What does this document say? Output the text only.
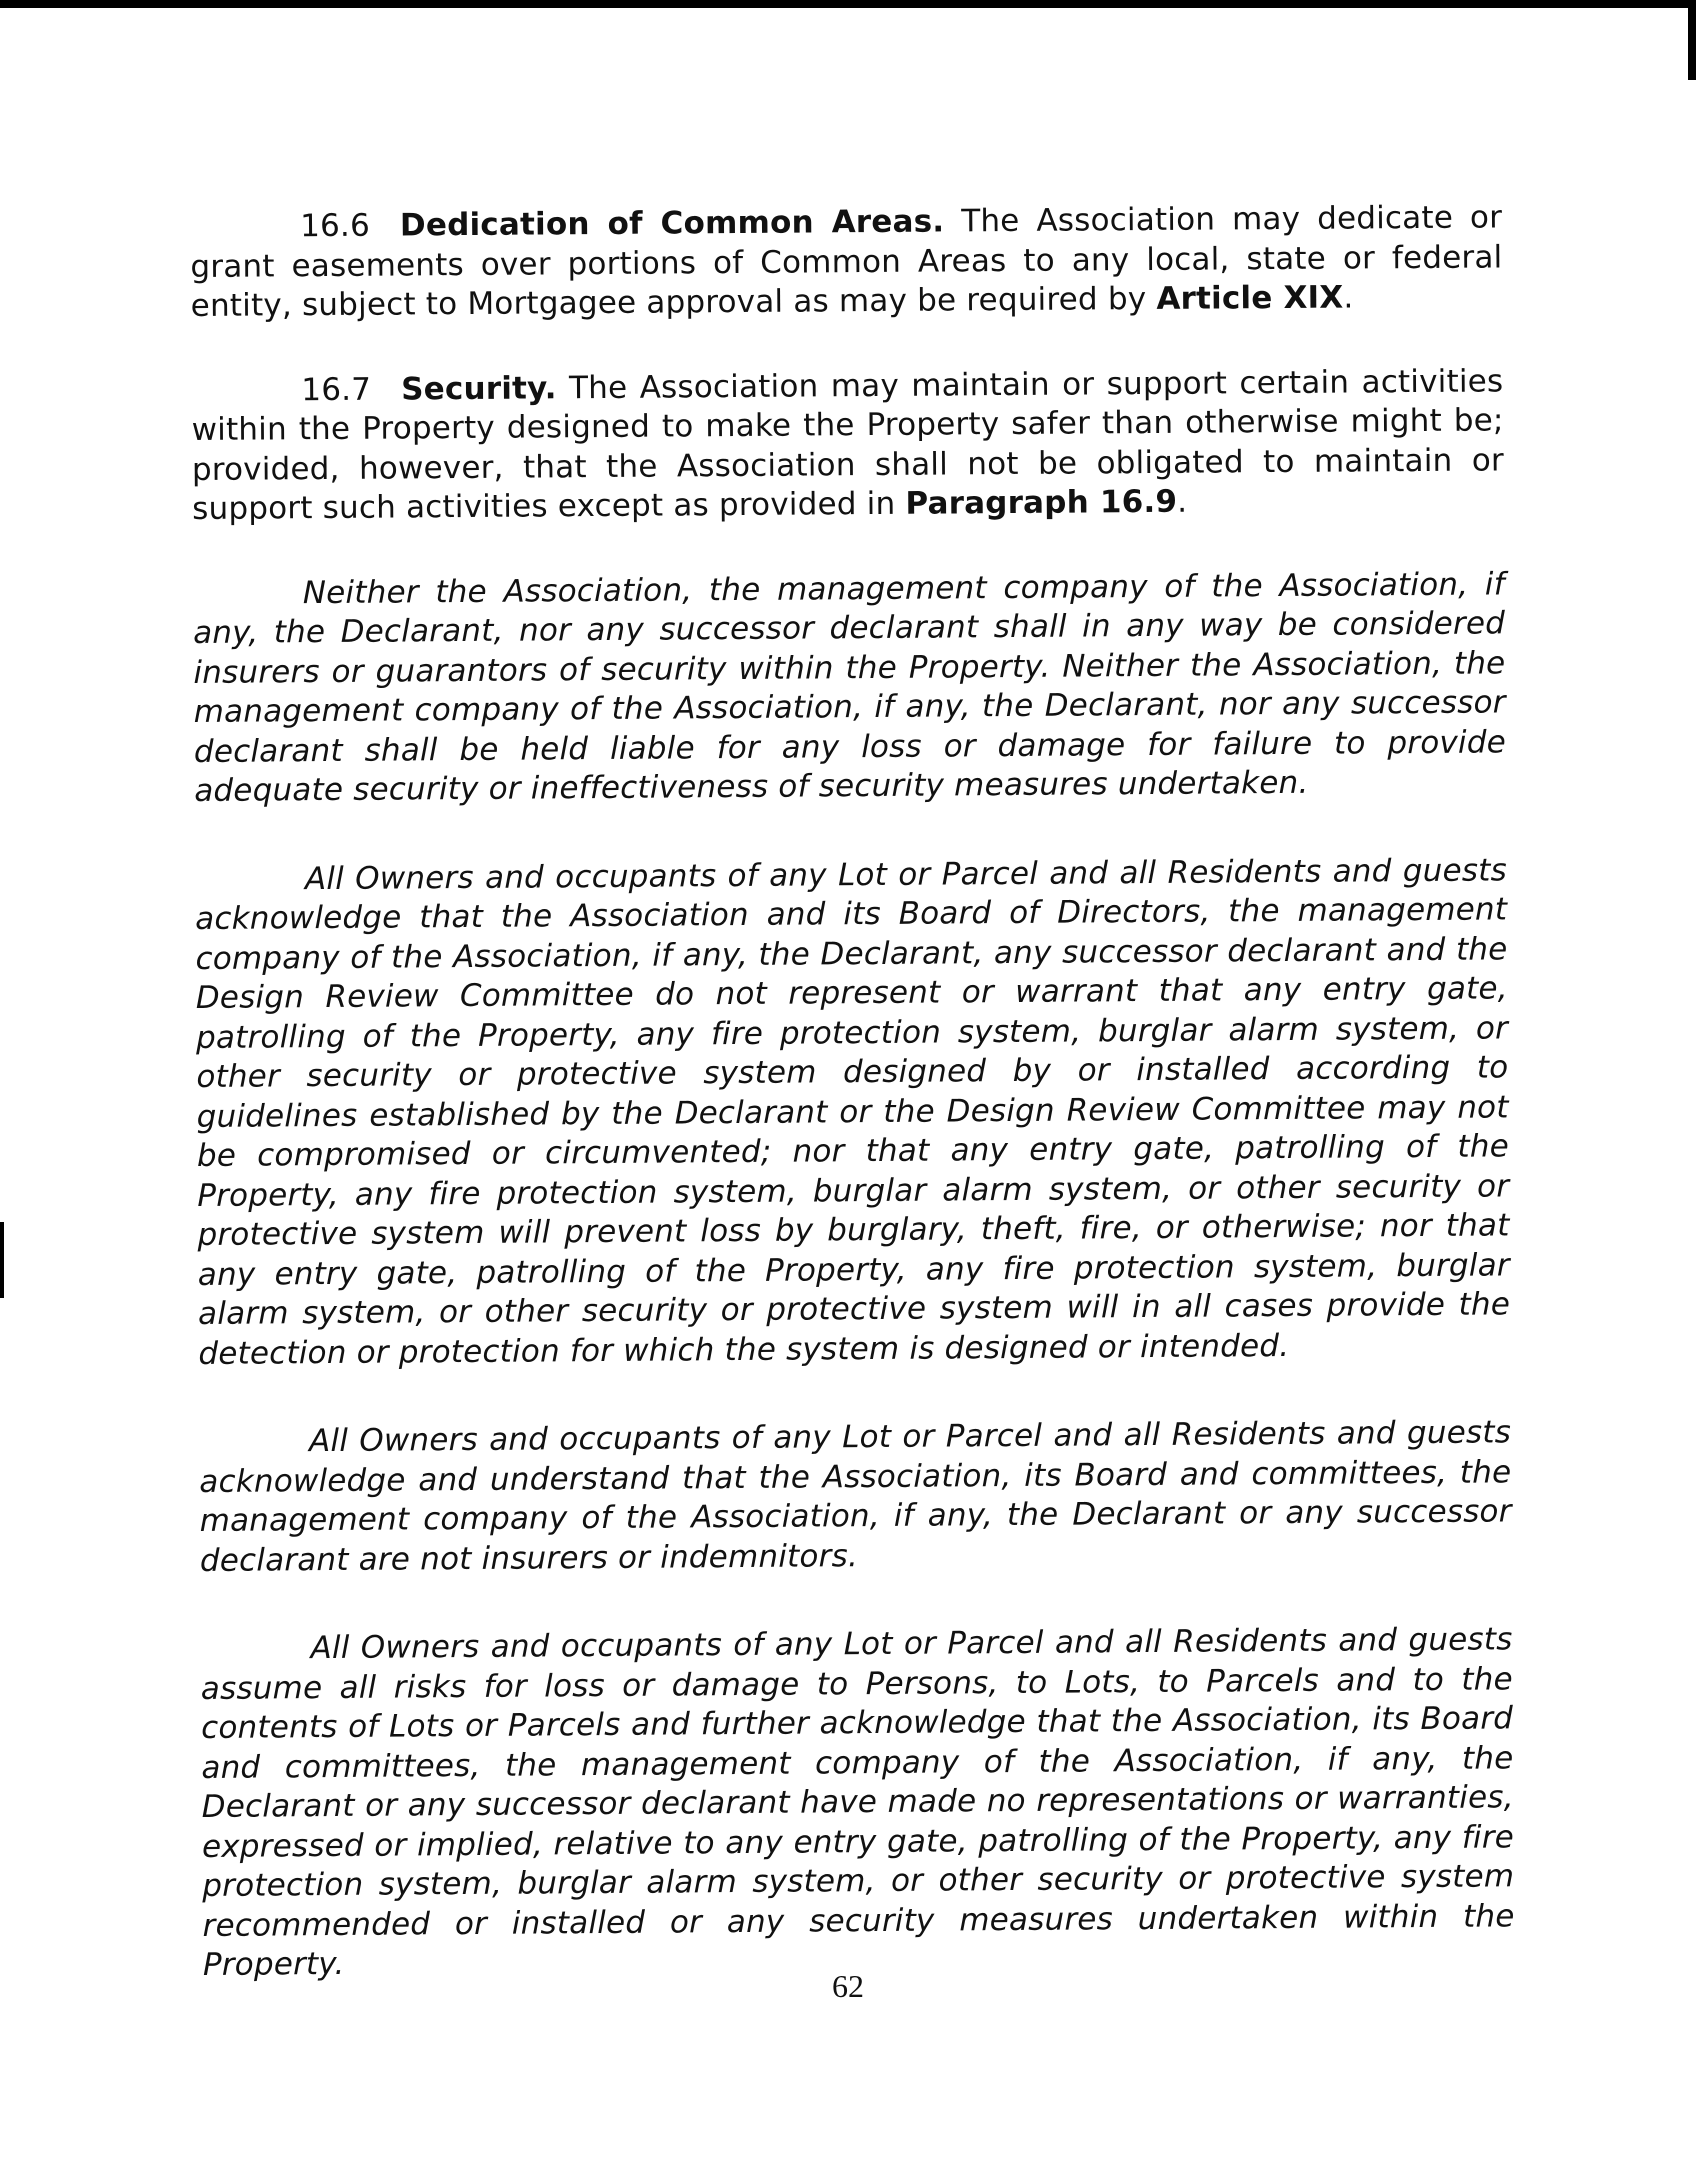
16.6 Dedication of Common Areas. The Association may dedicate or grant easements over portions of Common Areas to any local, state or federal entity, subject to Mortgagee approval as may be required by Article XIX.

16.7 Security. The Association may maintain or support certain activities within the Property designed to make the Property safer than otherwise might be; provided, however, that the Association shall not be obligated to maintain or support such activities except as provided in Paragraph 16.9.

Neither the Association, the management company of the Association, if any, the Declarant, nor any successor declarant shall in any way be considered insurers or guarantors of security within the Property. Neither the Association, the management company of the Association, if any, the Declarant, nor any successor declarant shall be held liable for any loss or damage for failure to provide adequate security or ineffectiveness of security measures undertaken.

All Owners and occupants of any Lot or Parcel and all Residents and guests acknowledge that the Association and its Board of Directors, the management company of the Association, if any, the Declarant, any successor declarant and the Design Review Committee do not represent or warrant that any entry gate, patrolling of the Property, any fire protection system, burglar alarm system, or other security or protective system designed by or installed according to guidelines established by the Declarant or the Design Review Committee may not be compromised or circumvented; nor that any entry gate, patrolling of the Property, any fire protection system, burglar alarm system, or other security or protective system will prevent loss by burglary, theft, fire, or otherwise; nor that any entry gate, patrolling of the Property, any fire protection system, burglar alarm system, or other security or protective system will in all cases provide the detection or protection for which the system is designed or intended.

All Owners and occupants of any Lot or Parcel and all Residents and guests acknowledge and understand that the Association, its Board and committees, the management company of the Association, if any, the Declarant or any successor declarant are not insurers or indemnitors.

All Owners and occupants of any Lot or Parcel and all Residents and guests assume all risks for loss or damage to Persons, to Lots, to Parcels and to the contents of Lots or Parcels and further acknowledge that the Association, its Board and committees, the management company of the Association, if any, the Declarant or any successor declarant have made no representations or warranties, expressed or implied, relative to any entry gate, patrolling of the Property, any fire protection system, burglar alarm system, or other security or protective system recommended or installed or any security measures undertaken within the Property.

62
